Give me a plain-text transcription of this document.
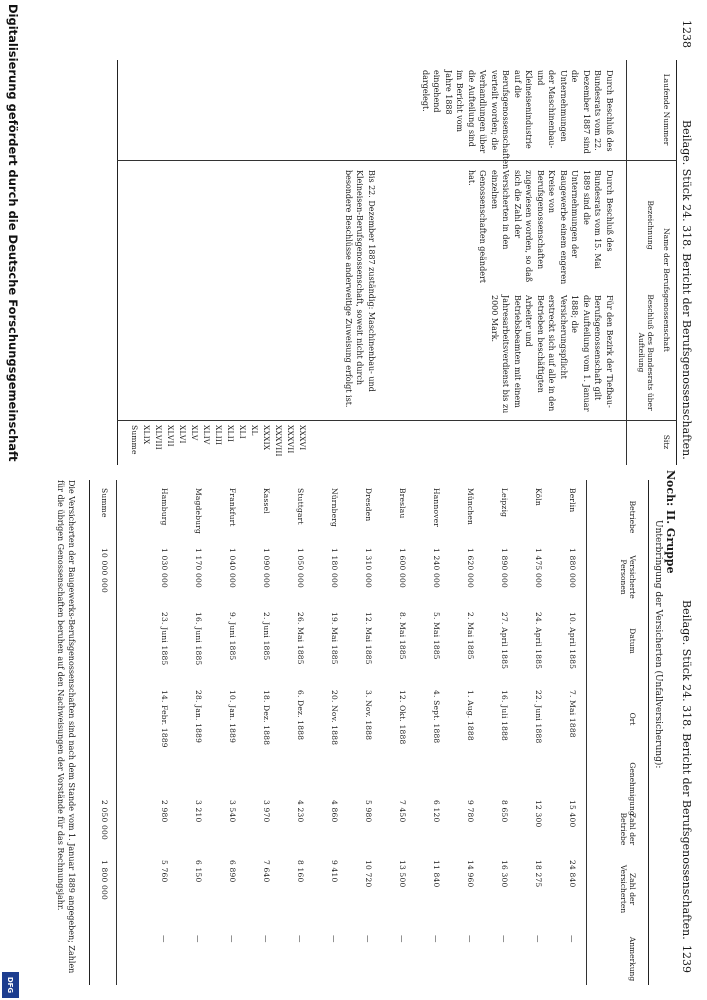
1238
Beilage. Stück 24. 318. Bericht der Berufsgenossenschaften.
Beilage. Stück 24. 318. Bericht der Berufsgenossenschaften.
1239
Noch: II. Gruppe
Unterbringung der Versicherten (Unfallversicherung):
Laufende Nummer
Name der Berufsgenossenschaft
Bezeichnung
Beschluß des Bundesrats über Aufteilung
Sitz
Durch Beschluß des Bundesrats vom 22. Dezember 1887 sind die Unternehmungen der Maschinenbau- und Kleineisenindustrie auf die Berufsgenossenschaften verteilt worden; die Verhandlungen über die Aufteilung sind im Bericht vom Jahre 1888 eingehend dargelegt.
Durch Beschluß des Bundesrats vom 15. Mai 1889 sind die Unternehmungen der Baugewerbe einem engeren Kreise von Berufsgenossenschaften zugewiesen worden, so daß sich die Zahl der Versicherten in den einzelnen Genossenschaften geändert hat.
Für den Bezirk der Tiefbau-Berufsgenossenschaft gilt die Aufteilung vom 1. Januar 1888; die Versicherungspflicht erstreckt sich auf alle in den Betrieben beschäftigten Arbeiter und Betriebsbeamten mit einem Jahresarbeitsverdienst bis zu 2000 Mark.
Bis 22. Dezember 1887 zuständig: Maschinenbau- und Kleineisen-Berufsgenossenschaft, soweit nicht durch besondere Beschlüsse anderweitige Zuweisung erfolgt ist.
XXXVI
XXXVII
XXXVIII
XXXIX
XL
XLI
XLII
XLIII
XLIV
XLV
XLVI
XLVII
XLVIII
XLIX
Summe
Betriebe
Versicherte Personen
Datum
Ort
Genehmigung
Zahl der Betriebe
Zahl der Versicherten
Anmerkung
Berlin
1 880 000
10. April 1885
7. Mai 1888
15 400
24 840
—
Köln
1 475 000
24. April 1885
22. Juni 1888
12 300
18 275
—
Leipzig
1 890 000
27. April 1885
16. Juli 1888
8 650
16 300
—
München
1 620 000
2. Mai 1885
1. Aug. 1888
9 780
14 960
—
Hannover
1 240 000
5. Mai 1885
4. Sept. 1888
6 120
11 840
—
Breslau
1 600 000
8. Mai 1885
12. Okt. 1888
7 450
13 500
—
Dresden
1 310 000
12. Mai 1885
3. Nov. 1888
5 980
10 720
—
Nürnberg
1 180 000
19. Mai 1885
20. Nov. 1888
4 860
9 410
—
Stuttgart
1 050 000
26. Mai 1885
6. Dez. 1888
4 230
8 160
—
Kassel
1 090 000
2. Juni 1885
18. Dez. 1888
3 970
7 640
—
Frankfurt
1 040 000
9. Juni 1885
10. Jan. 1889
3 540
6 890
—
Magdeburg
1 170 000
16. Juni 1885
28. Jan. 1889
3 210
6 150
—
Hamburg
1 030 000
23. Juni 1885
14. Febr. 1889
2 980
5 760
—
Summe
10 000 000
2 050 000
1 800 000
Die Versicherten der Baugewerks-Berufsgenossenschaften sind nach dem Stande vom 1. Januar 1889 angegeben; Zahlen für die übrigen Genossenschaften beruhen auf den Nachweisungen der Vorstände für das Rechnungsjahr.
Digitalisierung gefördert durch die Deutsche Forschungsgemeinschaft
DFG
